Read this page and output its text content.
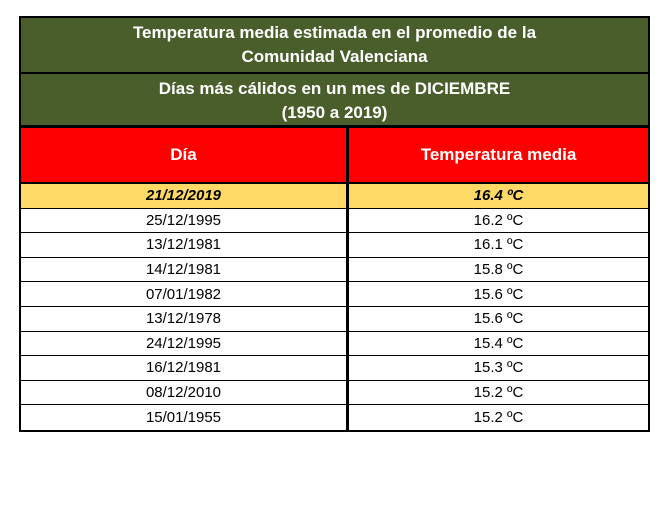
Temperatura media estimada en el promedio de la
Comunidad Valenciana
Días más cálidos en un mes de DICIEMBRE
(1950 a 2019)
Día	Temperatura media
21/12/2019	16.4 ºC
25/12/1995	16.2 ºC
13/12/1981	16.1 ºC
14/12/1981	15.8 ºC
07/01/1982	15.6 ºC
13/12/1978	15.6 ºC
24/12/1995	15.4 ºC
16/12/1981	15.3 ºC
08/12/2010	15.2 ºC
15/01/1955	15.2 ºC
